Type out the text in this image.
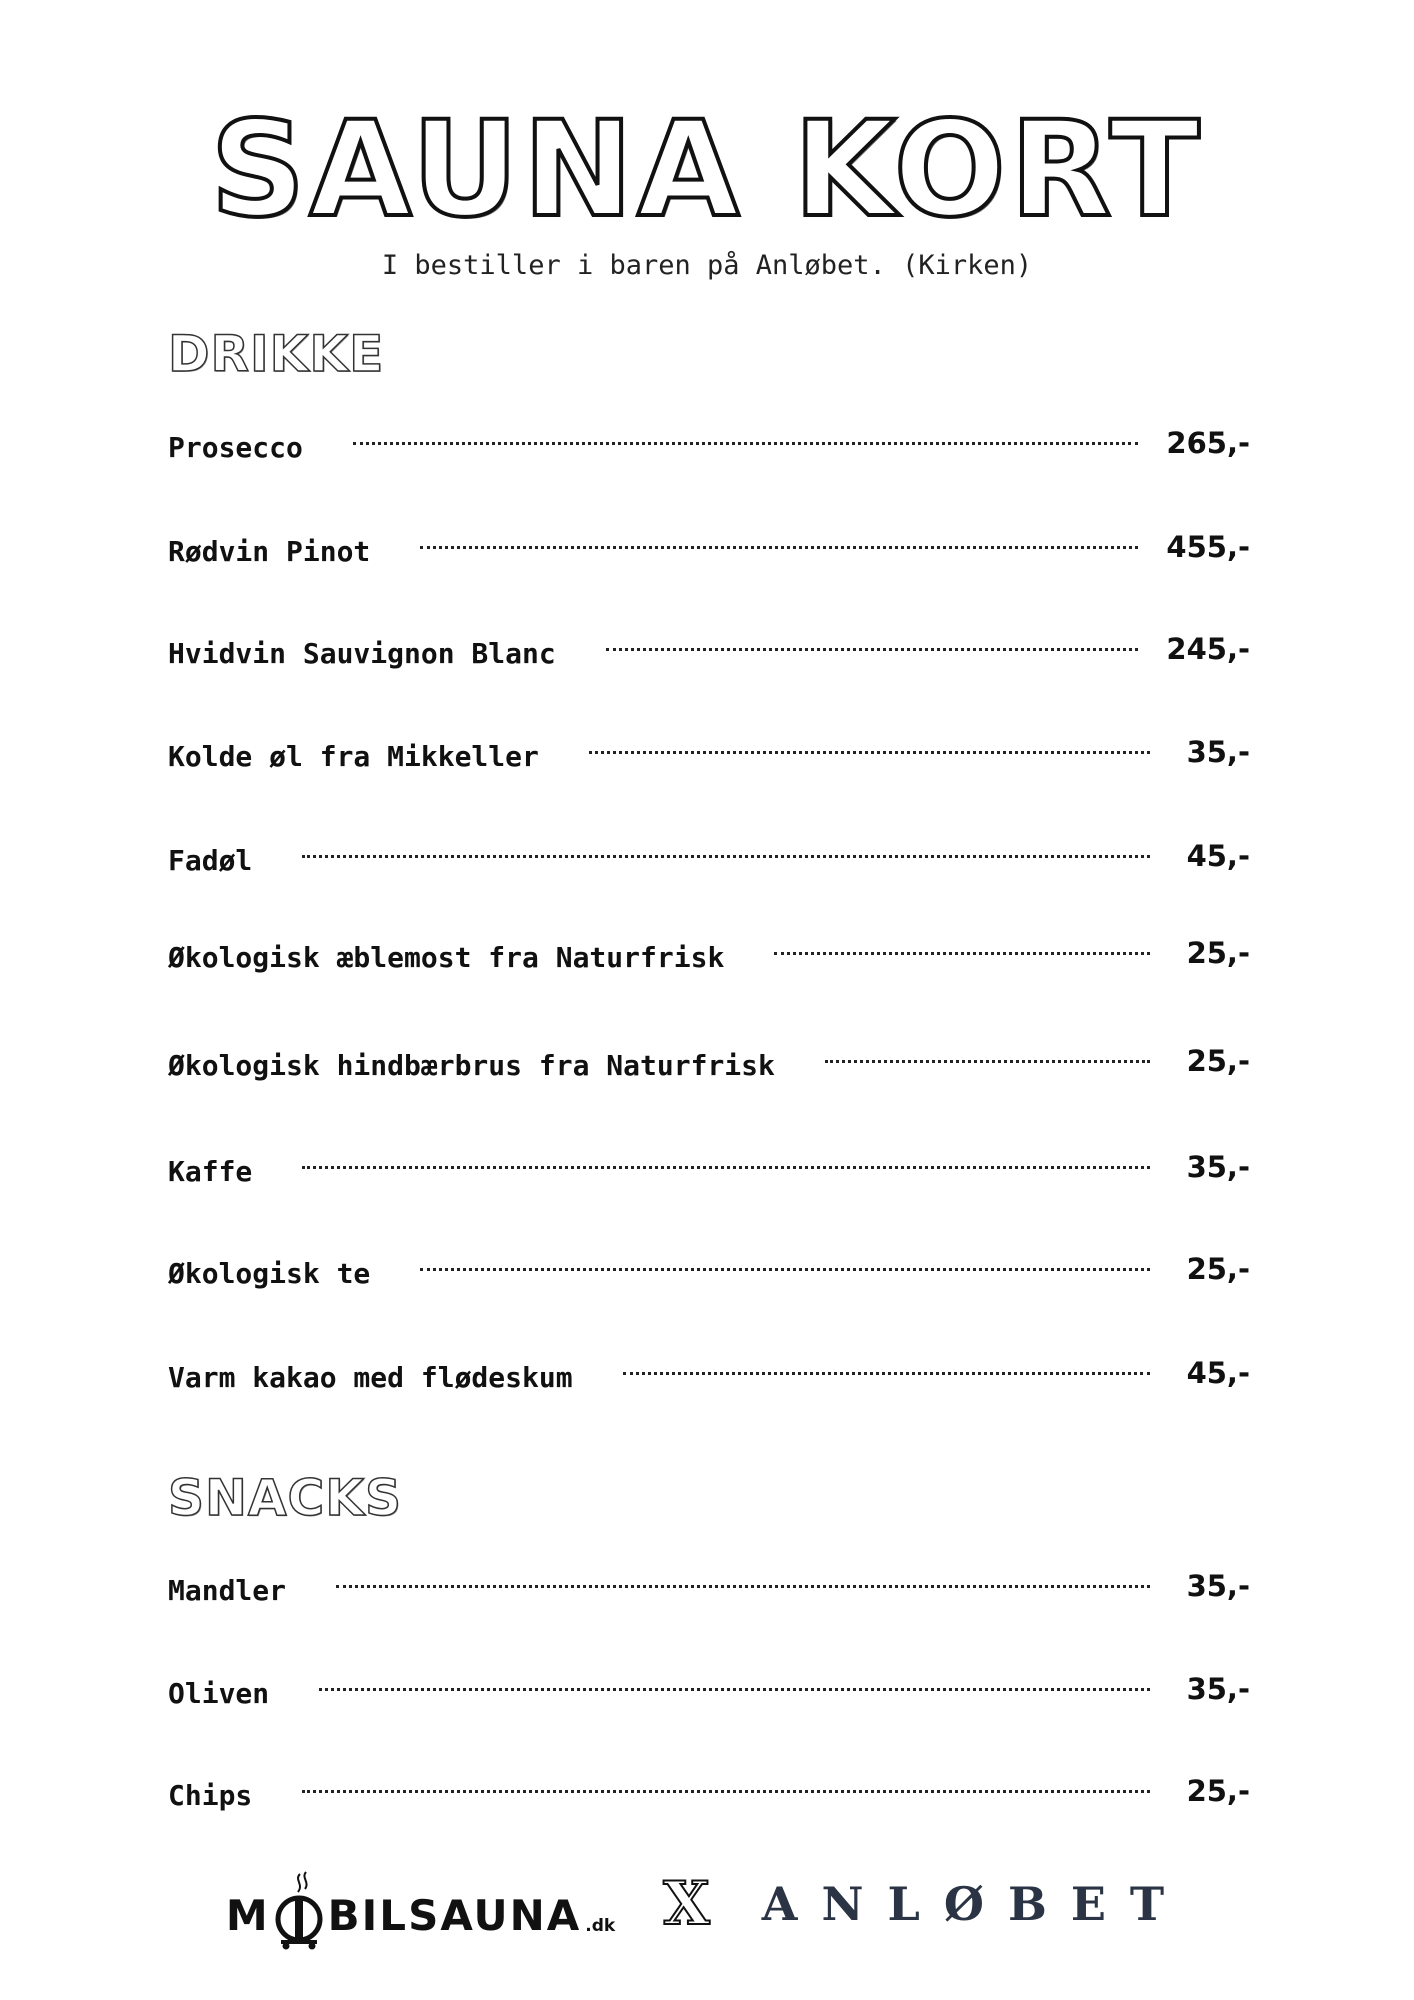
SAUNA KORT
I bestiller i baren på Anløbet. (Kirken)
DRIKKE
Prosecco	265,-
Rødvin Pinot	455,-
Hvidvin Sauvignon Blanc	245,-
Kolde øl fra Mikkeller	35,-
Fadøl	45,-
Økologisk æblemost fra Naturfrisk	25,-
Økologisk hindbærbrus fra Naturfrisk	25,-
Kaffe	35,-
Økologisk te	25,-
Varm kakao med flødeskum	45,-
SNACKS
Mandler	35,-
Oliven	35,-
Chips	25,-
M BILSAUNA .dk X ANLØBET
